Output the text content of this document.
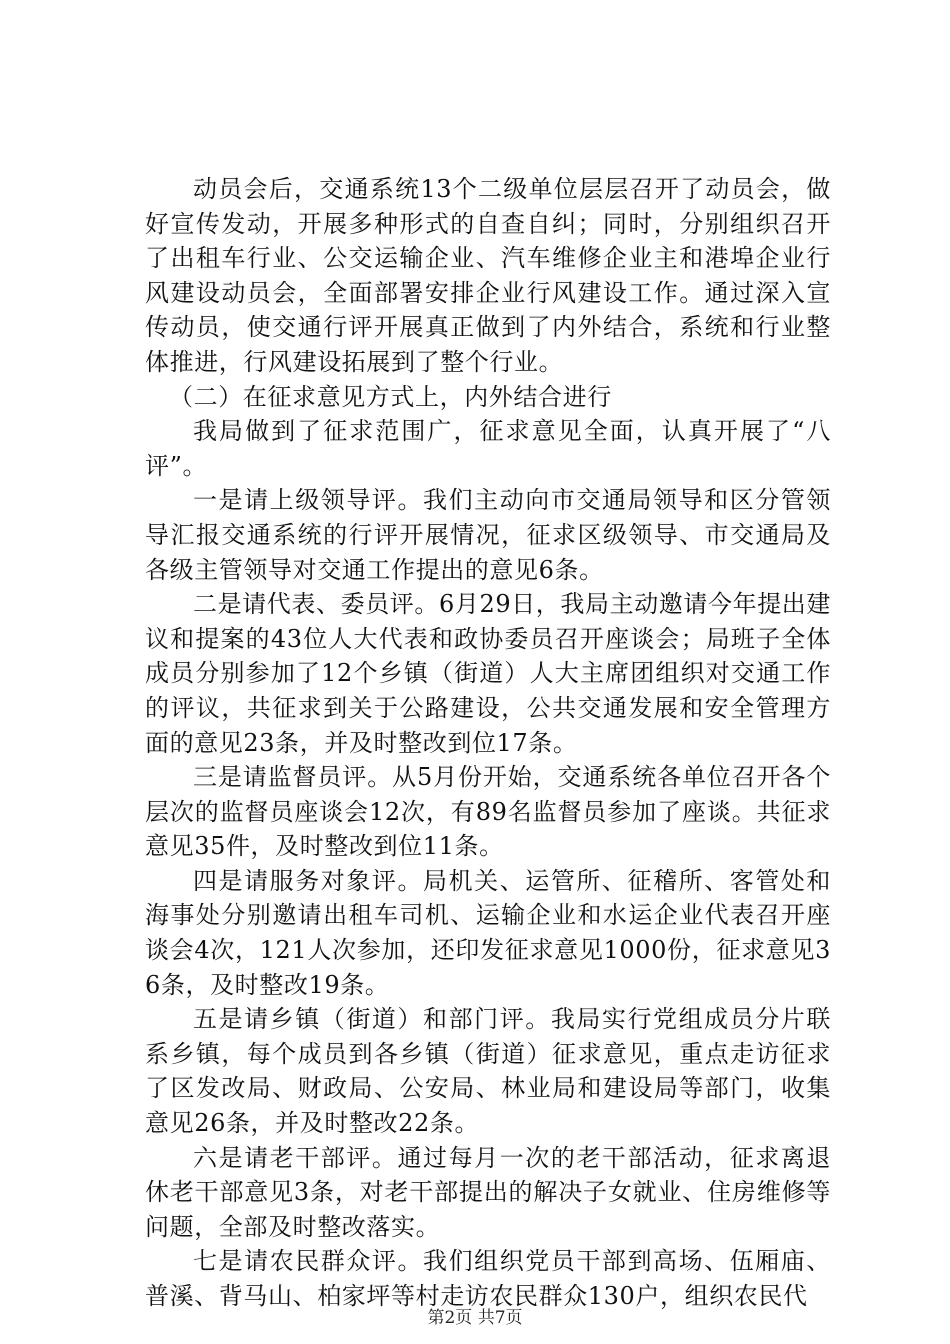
动员会后，交通系统13个二级单位层层召开了动员会，做好宣传发动，开展多种形式的自查自纠；同时，分别组织召开了出租车行业、公交运输企业、汽车维修企业主和港埠企业行风建设动员会，全面部署安排企业行风建设工作。通过深入宣传动员，使交通行评开展真正做到了内外结合，系统和行业整体推进，行风建设拓展到了整个行业。

（二）在征求意见方式上，内外结合进行

我局做到了征求范围广，征求意见全面，认真开展了“八评”。

一是请上级领导评。我们主动向市交通局领导和区分管领导汇报交通系统的行评开展情况，征求区级领导、市交通局及各级主管领导对交通工作提出的意见6条。

二是请代表、委员评。6月29日，我局主动邀请今年提出建议和提案的43位人大代表和政协委员召开座谈会；局班子全体成员分别参加了12个乡镇（街道）人大主席团组织对交通工作的评议，共征求到关于公路建设，公共交通发展和安全管理方面的意见23条，并及时整改到位17条。

三是请监督员评。从5月份开始，交通系统各单位召开各个层次的监督员座谈会12次，有89名监督员参加了座谈。共征求意见35件，及时整改到位11条。

四是请服务对象评。局机关、运管所、征稽所、客管处和海事处分别邀请出租车司机、运输企业和水运企业代表召开座谈会4次，121人次参加，还印发征求意见1000份，征求意见36条，及时整改19条。

五是请乡镇（街道）和部门评。我局实行党组成员分片联系乡镇，每个成员到各乡镇（街道）征求意见，重点走访征求了区发改局、财政局、公安局、林业局和建设局等部门，收集意见26条，并及时整改22条。

六是请老干部评。通过每月一次的老干部活动，征求离退休老干部意见3条，对老干部提出的解决子女就业、住房维修等问题，全部及时整改落实。

七是请农民群众评。我们组织党员干部到高场、伍厢庙、普溪、背马山、柏家坪等村走访农民群众130户，组织农民代

第2页 共7页
